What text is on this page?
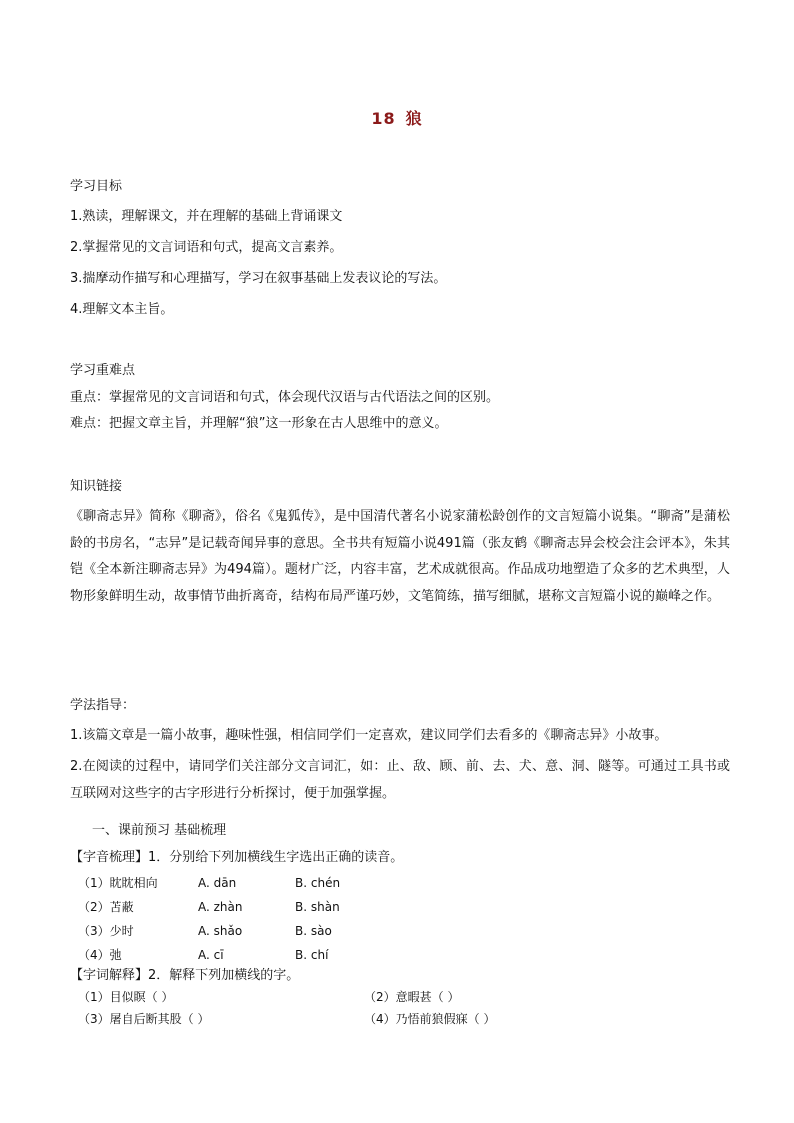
18 狼
学习目标
1.熟读，理解课文，并在理解的基础上背诵课文
2.掌握常见的文言词语和句式，提高文言素养。
3.揣摩动作描写和心理描写，学习在叙事基础上发表议论的写法。
4.理解文本主旨。
学习重难点
重点：掌握常见的文言词语和句式，体会现代汉语与古代语法之间的区别。
难点：把握文章主旨，并理解“狼”这一形象在古人思维中的意义。
知识链接
《聊斋志异》简称《聊斋》，俗名《鬼狐传》，是中国清代著名小说家蒲松龄创作的文言短篇小说集。“聊斋”是蒲松龄的书房名，“志异”是记载奇闻异事的意思。全书共有短篇小说491篇（张友鹤《聊斋志异会校会注会评本》，朱其铠《全本新注聊斋志异》为494篇）。题材广泛，内容丰富，艺术成就很高。作品成功地塑造了众多的艺术典型，人物形象鲜明生动，故事情节曲折离奇，结构布局严谨巧妙，文笔简练，描写细腻，堪称文言短篇小说的巅峰之作。
学法指导：
1.该篇文章是一篇小故事，趣味性强，相信同学们一定喜欢，建议同学们去看多的《聊斋志异》小故事。
2.在阅读的过程中，请同学们关注部分文言词汇，如：止、敌、顾、前、去、犬、意、洞、隧等。可通过工具书或互联网对这些字的古字形进行分析探讨，便于加强掌握。
一、课前预习 基础梳理
【字音梳理】1．分别给下列加横线生字选出正确的读音。
（1）眈眈相向	A. dān	B. chén
（2）苫蔽	A. zhàn	B. shàn
（3）少时	A. shǎo	B. sào
（4）弛	A. cī	B. chí
【字词解释】2．解释下列加横线的字。
（1）目似瞑（ ）	（2）意暇甚（ ）
（3）屠自后断其股（ ）	（4）乃悟前狼假寐（ ）
